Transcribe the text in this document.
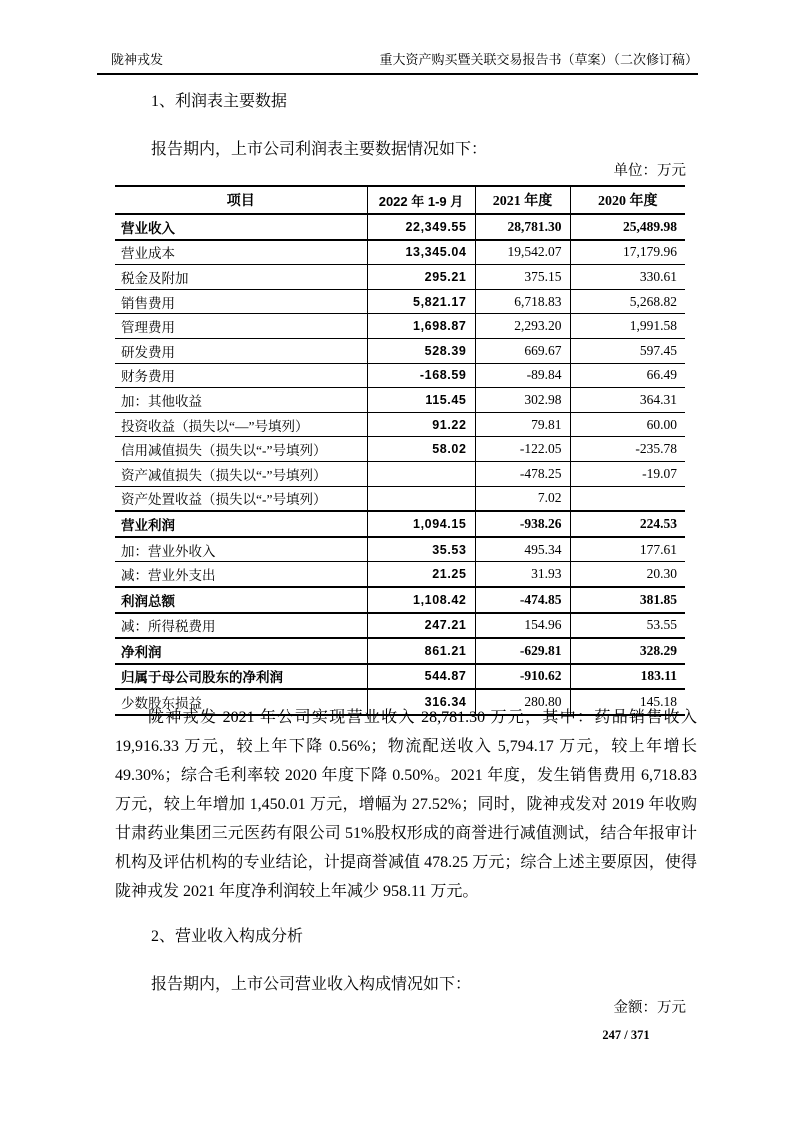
陇神戎发	重大资产购买暨关联交易报告书（草案）（二次修订稿）

1、利润表主要数据

报告期内，上市公司利润表主要数据情况如下：

单位：万元

项目	2022 年 1-9 月	2021 年度	2020 年度
营业收入	22,349.55	28,781.30	25,489.98
营业成本	13,345.04	19,542.07	17,179.96
税金及附加	295.21	375.15	330.61
销售费用	5,821.17	6,718.83	5,268.82
管理费用	1,698.87	2,293.20	1,991.58
研发费用	528.39	669.67	597.45
财务费用	-168.59	-89.84	66.49
加：其他收益	115.45	302.98	364.31
投资收益（损失以“—”号填列）	91.22	79.81	60.00
信用减值损失（损失以“-”号填列）	58.02	-122.05	-235.78
资产减值损失（损失以“-”号填列）		-478.25	-19.07
资产处置收益（损失以“-”号填列）		7.02	
营业利润	1,094.15	-938.26	224.53
加：营业外收入	35.53	495.34	177.61
减：营业外支出	21.25	31.93	20.30
利润总额	1,108.42	-474.85	381.85
减：所得税费用	247.21	154.96	53.55
净利润	861.21	-629.81	328.29
归属于母公司股东的净利润	544.87	-910.62	183.11
少数股东损益	316.34	280.80	145.18

陇神戎发 2021 年公司实现营业收入 28,781.30 万元，其中：药品销售收入 19,916.33 万元，较上年下降 0.56%；物流配送收入 5,794.17 万元，较上年增长 49.30%；综合毛利率较 2020 年度下降 0.50%。2021 年度，发生销售费用 6,718.83 万元，较上年增加 1,450.01 万元，增幅为 27.52%；同时，陇神戎发对 2019 年收购甘肃药业集团三元医药有限公司 51%股权形成的商誉进行减值测试，结合年报审计机构及评估机构的专业结论，计提商誉减值 478.25 万元；综合上述主要原因，使得陇神戎发 2021 年度净利润较上年减少 958.11 万元。

2、营业收入构成分析

报告期内，上市公司营业收入构成情况如下：

金额：万元

247 / 371
